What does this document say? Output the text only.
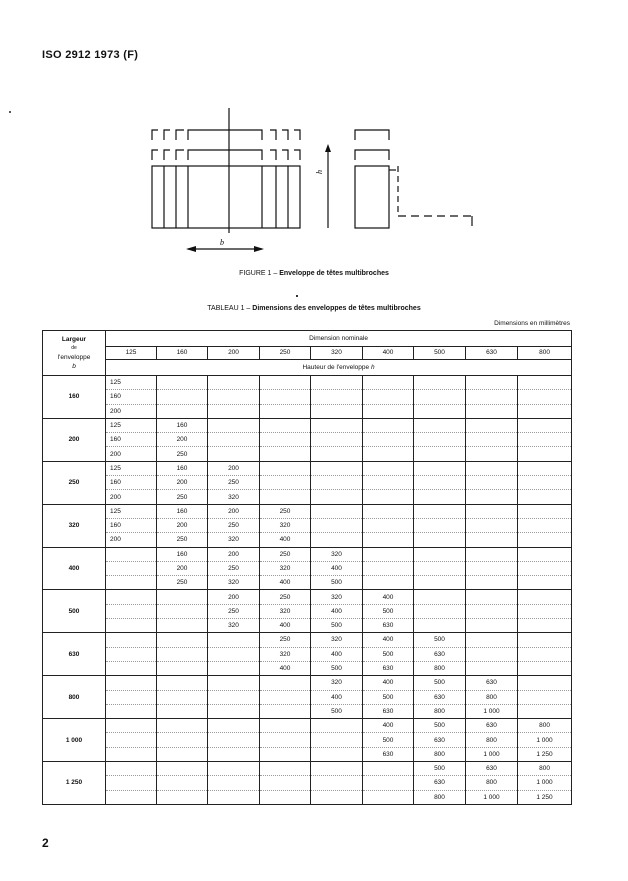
ISO 2912 1973 (F)
h
b
FIGURE 1 – Enveloppe de têtes multibroches
TABLEAU 1 – Dimensions des enveloppes de têtes multibroches
Dimensions en millimètres
Largeur
de
l'enveloppe
b	Dimension nominale								
	125	160	200	250	320	400	500	630	800
	Hauteur de l'enveloppe h								
160	125								
	160								
	200								
200	125	160							
	160	200							
	200	250							
250	125	160	200						
	160	200	250						
	200	250	320						
320	125	160	200	250					
	160	200	250	320					
	200	250	320	400					
400		160	200	250	320				
		200	250	320	400				
		250	320	400	500				
500			200	250	320	400			
			250	320	400	500			
			320	400	500	630			
630				250	320	400	500		
				320	400	500	630		
				400	500	630	800		
800					320	400	500	630	
					400	500	630	800	
					500	630	800	1 000	
1 000						400	500	630	800
						500	630	800	1 000
						630	800	1 000	1 250
1 250							500	630	800
							630	800	1 000
							800	1 000	1 250
2
